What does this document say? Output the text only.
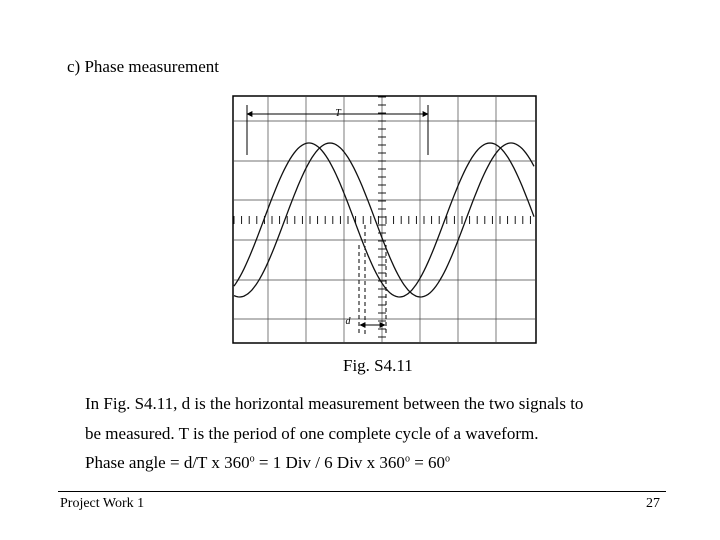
c) Phase measurement
T
d
Fig. S4.11
In Fig. S4.11, d is the horizontal measurement between the two signals to
be measured. T is the period of one complete cycle of a waveform.
Phase angle = d/T x $360^o = 1$ Div / 6 Div x $360^o = 60^o$
Project Work 1	27
